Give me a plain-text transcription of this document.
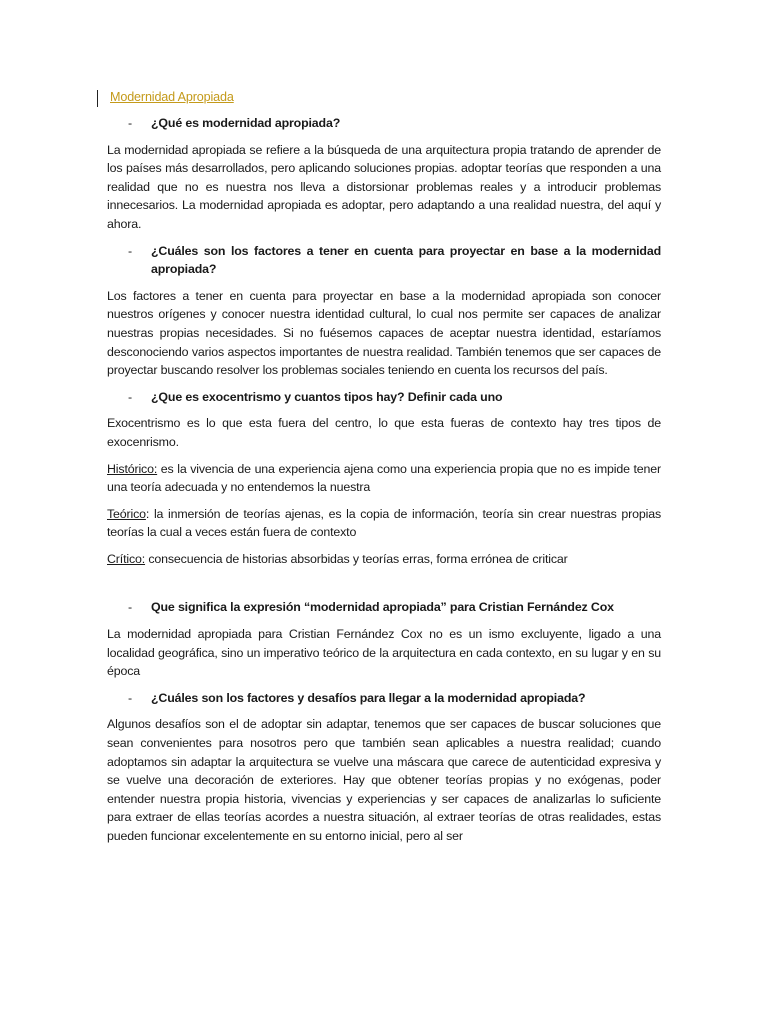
Modernidad Apropiada
- ¿Qué es modernidad apropiada?

La modernidad apropiada se refiere a la búsqueda de una arquitectura propia tratando de aprender de los países más desarrollados, pero aplicando soluciones propias. adoptar teorías que responden a una realidad que no es nuestra nos lleva a distorsionar problemas reales y a introducir problemas innecesarios. La modernidad apropiada es adoptar, pero adaptando a una realidad nuestra, del aquí y ahora.

- ¿Cuáles son los factores a tener en cuenta para proyectar en base a la modernidad apropiada?

Los factores a tener en cuenta para proyectar en base a la modernidad apropiada son conocer nuestros orígenes y conocer nuestra identidad cultural, lo cual nos permite ser capaces de analizar nuestras propias necesidades. Si no fuésemos capaces de aceptar nuestra identidad, estaríamos desconociendo varios aspectos importantes de nuestra realidad. También tenemos que ser capaces de proyectar buscando resolver los problemas sociales teniendo en cuenta los recursos del país.

- ¿Que es exocentrismo y cuantos tipos hay? Definir cada uno

Exocentrismo es lo que esta fuera del centro, lo que esta fueras de contexto hay tres tipos de exocenrismo.

Histórico: es la vivencia de una experiencia ajena como una experiencia propia que no es impide tener una teoría adecuada y no entendemos la nuestra

Teórico: la inmersión de teorías ajenas, es la copia de información, teoría sin crear nuestras propias teorías la cual a veces están fuera de contexto

Crítico: consecuencia de historias absorbidas y teorías erras, forma errónea de criticar

- Que significa la expresión “modernidad apropiada” para Cristian Fernández Cox

La modernidad apropiada para Cristian Fernández Cox no es un ismo excluyente, ligado a una localidad geográfica, sino un imperativo teórico de la arquitectura en cada contexto, en su lugar y en su época

- ¿Cuáles son los factores y desafíos para llegar a la modernidad apropiada?

Algunos desafíos son el de adoptar sin adaptar, tenemos que ser capaces de buscar soluciones que sean convenientes para nosotros pero que también sean aplicables a nuestra realidad; cuando adoptamos sin adaptar la arquitectura se vuelve una máscara que carece de autenticidad expresiva y se vuelve una decoración de exteriores. Hay que obtener teorías propias y no exógenas, poder entender nuestra propia historia, vivencias y experiencias y ser capaces de analizarlas lo suficiente para extraer de ellas teorías acordes a nuestra situación, al extraer teorías de otras realidades, estas pueden funcionar excelentemente en su entorno inicial, pero al ser
